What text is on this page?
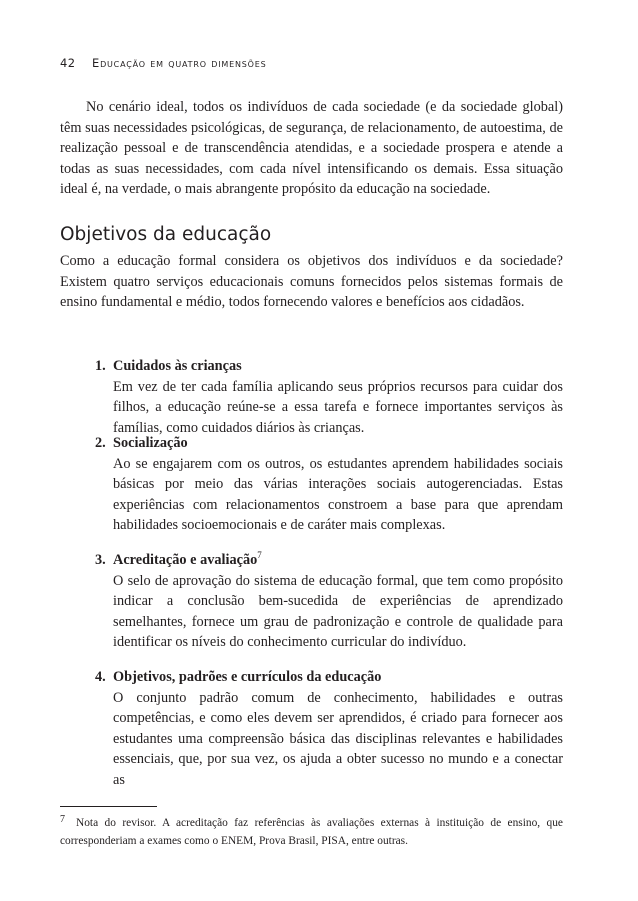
42 Educação em quatro dimensões

No cenário ideal, todos os indivíduos de cada sociedade (e da sociedade global) têm suas necessidades psicológicas, de segurança, de relacionamento, de autoestima, de realização pessoal e de transcendência atendidas, e a sociedade prospera e atende a todas as suas necessidades, com cada nível intensificando os demais. Essa situação ideal é, na verdade, o mais abrangente propósito da educação na sociedade.

Objetivos da educação

Como a educação formal considera os objetivos dos indivíduos e da sociedade? Existem quatro serviços educacionais comuns fornecidos pelos sistemas formais de ensino fundamental e médio, todos fornecendo valores e benefícios aos cidadãos.

1. Cuidados às crianças
Em vez de ter cada família aplicando seus próprios recursos para cuidar dos filhos, a educação reúne-se a essa tarefa e fornece importantes serviços às famílias, como cuidados diários às crianças.
2. Socialização
Ao se engajarem com os outros, os estudantes aprendem habilidades sociais básicas por meio das várias interações sociais autogerenciadas. Estas experiências com relacionamentos constroem a base para que aprendam habilidades socioemocionais e de caráter mais complexas.
3. Acreditação e avaliação$^7$
O selo de aprovação do sistema de educação formal, que tem como propósito indicar a conclusão bem-sucedida de experiências de aprendizado semelhantes, fornece um grau de padronização e controle de qualidade para identificar os níveis do conhecimento curricular do indivíduo.
4. Objetivos, padrões e currículos da educação
O conjunto padrão comum de conhecimento, habilidades e outras competências, e como eles devem ser aprendidos, é criado para fornecer aos estudantes uma compreensão básica das disciplinas relevantes e habilidades essenciais, que, por sua vez, os ajuda a obter sucesso no mundo e a conectar as
7 Nota do revisor. A acreditação faz referências às avaliações externas à instituição de ensino, que corresponderiam a exames como o ENEM, Prova Brasil, PISA, entre outras.
